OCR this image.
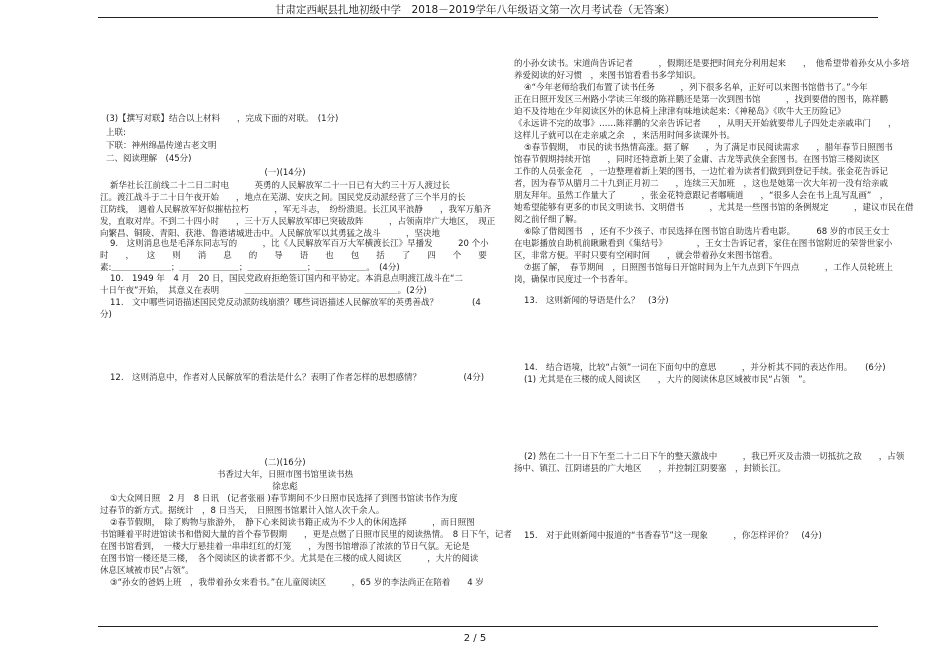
甘肃定西岷县扎地初级中学　2018－2019学年八年级语文第一次月考试卷（无答案）

(3)【撰写对联】结合以上材料　　，完成下面的对联。　(1分)

上联:

下联：神州绵晶传递古老文明

二、阅读理解　(45分)

(一)(14分)

新华社长江前线二十二日二时电　　　英勇的人民解放军二十一日已有大约三十万人渡过长

江。渡江战斗于二十日午夜开始　　，地点在芜湖、安庆之间。国民党反动派经营了三个半月的长

江防线，　遇着人民解放军好似摧枯拉朽　　　，军无斗志，　纷纷溃退。长江风平浪静　　，我军万船齐

发，直取对岸。不到二十四小时　　，三十万人民解放军即已突破敌阵　　　，占领南岸广大地区，　现正

向繁昌、铜陵、青阳、获港、鲁港诸城进击中。人民解放军以其勇猛之战斗　　　，坚决地

9.　这则消息也是毛泽东同志写的　　　，比《人民解放军百万大军横渡长江》早播发　　　20 个小

时　　，　　这　　则　　消　　息　　的　　导　　语　　也　　包　　括　　了　　四　　个　　要

素:＿＿＿＿＿＿＿；＿＿＿＿＿＿＿；＿＿＿＿＿＿＿；＿＿＿＿＿＿。　(4分)

10.　1949 年　4 月　20 日，国民党政府拒绝签订国内和平协定。本消息点明渡江战斗在“二

十日午夜”开始，　其意义在表明　　　＿＿＿＿＿＿＿＿＿＿＿＿＿＿＿＿＿＿。(2分)

11.　文中哪些词语描述国民党反动派防线崩溃？哪些词语描述人民解放军的英勇善战？　　　　(4

分)

12.　这则消息中，作者对人民解放军的看法是什么？表明了作者怎样的思想感情？　　　　　(4分)

(二)(16分)

书香过大年，日照市图书馆里读书热

徐忠彪

①大众网日照　2 月　8 日讯　(记者张丽 )春节期间不少日照市民选择了到图书馆读书作为度

过春节的新方式。据统计　，8 日当天，　日照图书馆累计入馆人次千余人。

②春节假期，　除了购物与旅游外，　静下心来阅读书籍正成为不少人的休闲选择　　　，而日照图

书馆睡着平时进馆读书和借阅大量的首个春节假期　　，更是点燃了日照市民里的阅读热情。　8 日下午，记者

在图书馆看到，　一楼大厅悬挂着一串串红红的灯笼　　，为图书馆增添了浓浓的节日气氛。无论是

在图书馆一楼还是三楼，　各个阅读区的读者都不少。尤其是在三楼的成人阅读区　　　，大片的阅读

休息区域被市民“占领”。

③“孙女的爸妈上班　，我带着孙女来看书。”在儿童阅读区　　　，65 岁的李法尚正在陪着　　4 岁

的小孙女读书。宋道尚告诉记者　　　，假期还是要把时间充分利用起来　　，　他希望带着孙女从小多培

养爱阅读的好习惯　，来图书馆看看书多学知识。

④“今年老师给我们布置了读书任务　　　，列下很多名单，正好可以来图书馆借书了。”今年

正在日照开发区三州路小学读三年级的陈祥鹏还是第一次到图书馆　　　，找到要借的图书，陈祥鹏

迫不及待地在少年阅读区外的休息椅上津津有味地读起来：《神秘岛》《吹牛大王历险记》

《永远讲不完的故事》……陈祥鹏的父亲告诉记者　　，从明天开始就要带儿子四处走亲戚串门　　，

这样儿子就可以在走亲戚之余　，来活用时间多读课外书。

⑤春节假期，　市民的读书热情高涨。据了解　　，为了满足市民阅读需求　　，腊年春节日照图书

馆春节假期持续开馆　　，同时还特意新上架了金庸、古龙等武侠全套图书。在图书馆三楼阅读区

工作的人员张金花　，一边整理着新上架的图书，一边忙着为读者们做到到登记手续。张金花告诉记

者，因为春节从腊月二十九到正月初二　　，连续三天加班　，这也是她第一次大年初一没有给亲戚

朋友拜年。虽然工作量大了　　　，张金花特意跟记者嘟喃道　　，“很多人会在书上乱写乱画”　，

她希望能够有更多的市民文明读书、文明借书　　　，尤其是一些图书馆的条例规定　　　，建议市民在借

阅之前仔细了解。

⑥除了借阅图书　，还有不少孩子、市民选择在图书馆自助选片看电影。　　　68 岁的市民王女士

在电影播放自助机前瞅瞅看到《集结号》　　　　，王女士告诉记者，家住在图书馆附近的荣誉世家小

区，非常方便。平时只要有空闲时间　　，就会带着孙女来图书馆看。

⑦据了解，　春节期间　，日照图书馆每日开馆时间为上午九点到下午四点　　　，工作人员轮班上

岗，确保市民度过一个书香年。

13.　这则新闻的导语是什么？　(3分)

14.　结合语境，比较“占领”一词在下面句中的意思　　　，并分析其不同的表达作用。　　(6分)

(1) 尤其是在三楼的成人阅读区　　，大片的阅读休息区域被市民“占领　”。

(2) 然在二十一日下午至二十二日下午的整天激战中　　　，我已歼灭及击溃一切抵抗之敌　　，占领

扬中、镇江、江阴诸县的广大地区　　，并控制江阴要塞　，封锁长江。

15.　对于此则新闻中报道的“书香春节”这一现象　　　，你怎样评价？　(4分)

2 / 5
